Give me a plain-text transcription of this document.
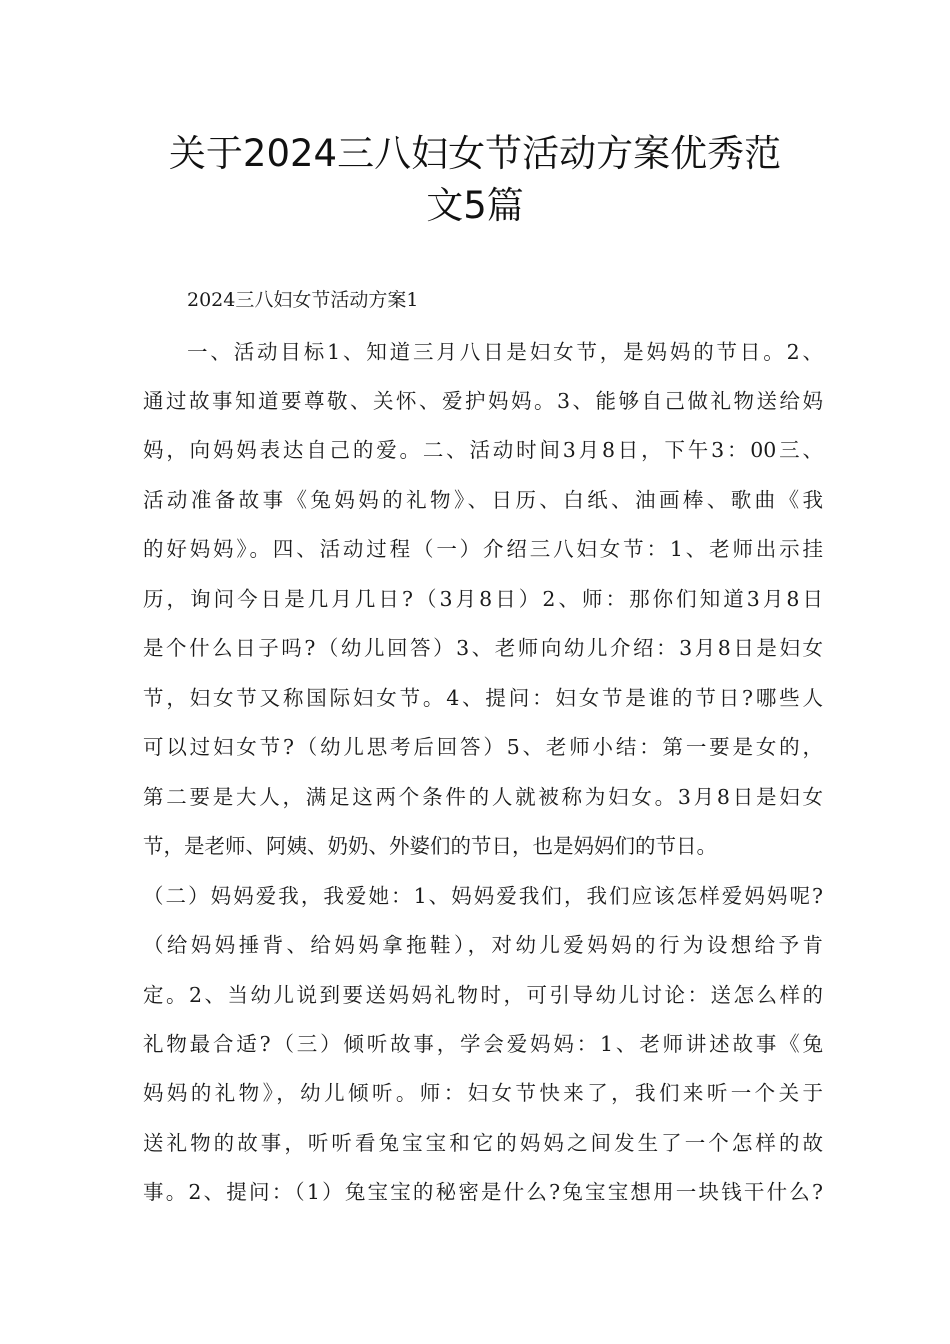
关于2024三八妇女节活动方案优秀范
文5篇
2024三八妇女节活动方案1
一、活动目标1、知道三月八日是妇女节，是妈妈的节日。2、
通过故事知道要尊敬、关怀、爱护妈妈。3、能够自己做礼物送给妈
妈，向妈妈表达自己的爱。二、活动时间3月8日，下午3：00三、
活动准备故事《兔妈妈的礼物》、日历、白纸、油画棒、歌曲《我
的好妈妈》。四、活动过程（一）介绍三八妇女节：1、老师出示挂
历，询问今日是几月几日?（3月8日）2、师：那你们知道3月8日
是个什么日子吗?（幼儿回答）3、老师向幼儿介绍：3月8日是妇女
节，妇女节又称国际妇女节。4、提问：妇女节是谁的节日?哪些人
可以过妇女节?（幼儿思考后回答）5、老师小结：第一要是女的，
第二要是大人，满足这两个条件的人就被称为妇女。3月8日是妇女
节，是老师、阿姨、奶奶、外婆们的节日，也是妈妈们的节日。
（二）妈妈爱我，我爱她：1、妈妈爱我们，我们应该怎样爱妈妈呢?
（给妈妈捶背、给妈妈拿拖鞋），对幼儿爱妈妈的行为设想给予肯
定。2、当幼儿说到要送妈妈礼物时，可引导幼儿讨论：送怎么样的
礼物最合适?（三）倾听故事，学会爱妈妈：1、老师讲述故事《兔
妈妈的礼物》，幼儿倾听。师：妇女节快来了，我们来听一个关于
送礼物的故事，听听看兔宝宝和它的妈妈之间发生了一个怎样的故
事。2、提问：（1）兔宝宝的秘密是什么?兔宝宝想用一块钱干什么?
